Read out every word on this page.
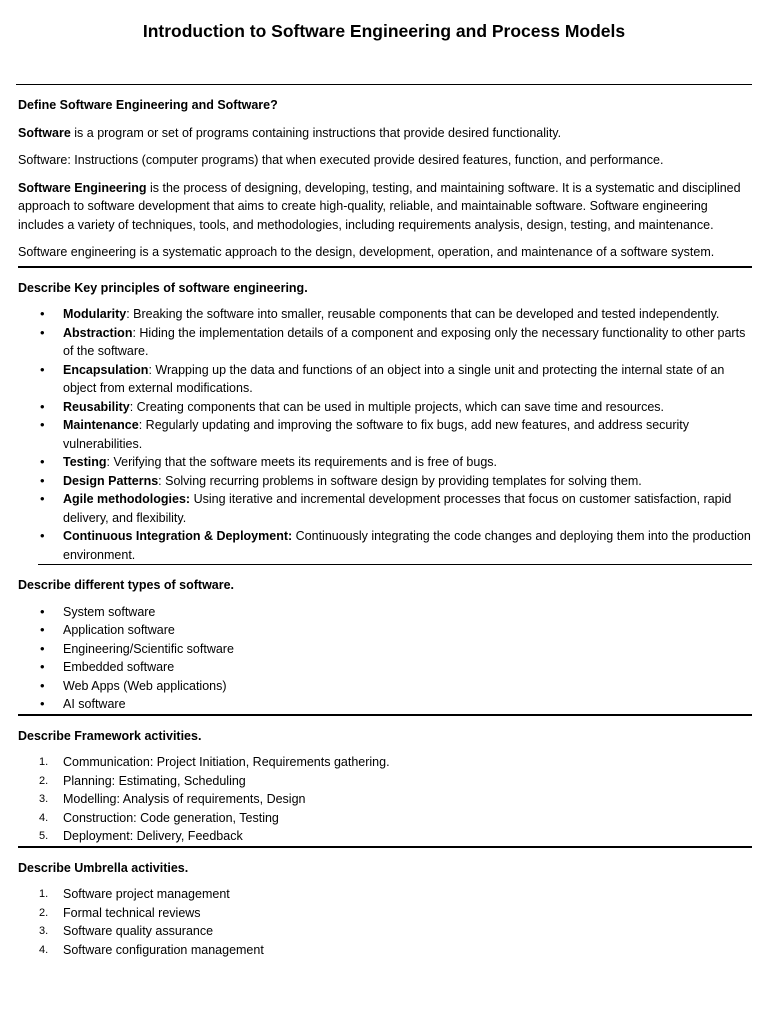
Introduction to Software Engineering and Process Models
Define Software Engineering and Software?

Software is a program or set of programs containing instructions that provide desired functionality.

Software: Instructions (computer programs) that when executed provide desired features, function, and performance.

Software Engineering is the process of designing, developing, testing, and maintaining software. It is a systematic and disciplined approach to software development that aims to create high-quality, reliable, and maintainable software. Software engineering includes a variety of techniques, tools, and methodologies, including requirements analysis, design, testing, and maintenance.

Software engineering is a systematic approach to the design, development, operation, and maintenance of a software system.

Describe Key principles of software engineering.
• Modularity: Breaking the software into smaller, reusable components that can be developed and tested independently.
• Abstraction: Hiding the implementation details of a component and exposing only the necessary functionality to other parts of the software.
• Encapsulation: Wrapping up the data and functions of an object into a single unit and protecting the internal state of an object from external modifications.
• Reusability: Creating components that can be used in multiple projects, which can save time and resources.
• Maintenance: Regularly updating and improving the software to fix bugs, add new features, and address security vulnerabilities.
• Testing: Verifying that the software meets its requirements and is free of bugs.
• Design Patterns: Solving recurring problems in software design by providing templates for solving them.
• Agile methodologies: Using iterative and incremental development processes that focus on customer satisfaction, rapid delivery, and flexibility.
• Continuous Integration & Deployment: Continuously integrating the code changes and deploying them into the production environment.
Describe different types of software.
• System software
• Application software
• Engineering/Scientific software
• Embedded software
• Web Apps (Web applications)
• AI software
Describe Framework activities.
1. Communication: Project Initiation, Requirements gathering.
2. Planning: Estimating, Scheduling
3. Modelling: Analysis of requirements, Design
4. Construction: Code generation, Testing
5. Deployment: Delivery, Feedback
Describe Umbrella activities.
1. Software project management
2. Formal technical reviews
3. Software quality assurance
4. Software configuration management
